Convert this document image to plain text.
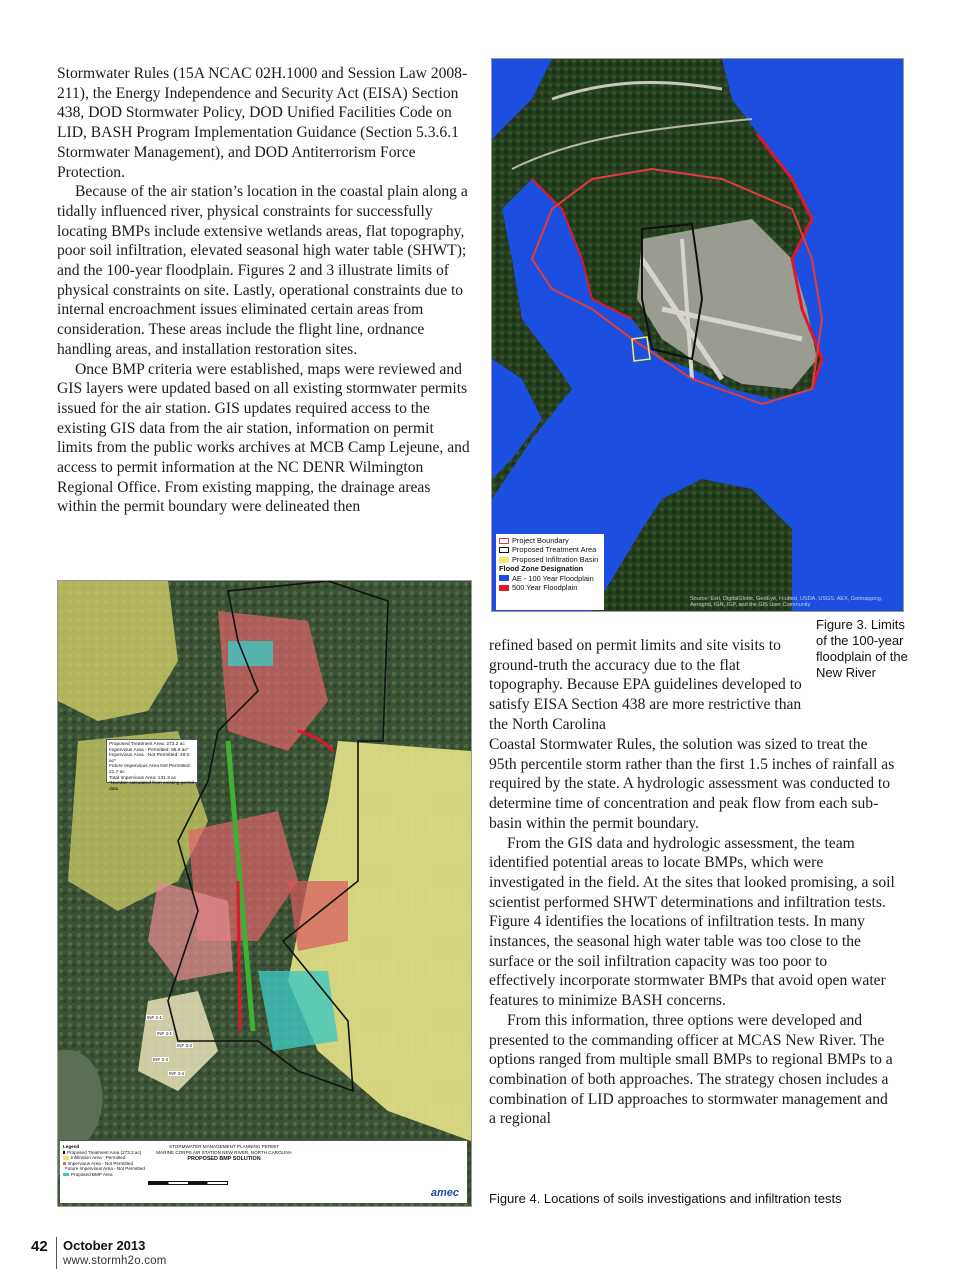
Stormwater Rules (15A NCAC 02H.1000 and Session Law 2008-211), the Energy Independence and Security Act (EISA) Section 438, DOD Stormwater Policy, DOD Unified Facilities Code on LID, BASH Program Implementation Guidance (Section 5.3.6.1 Stormwater Management), and DOD Antiterrorism Force Protection.

Because of the air station’s location in the coastal plain along a tidally influenced river, physical constraints for successfully locating BMPs include extensive wetlands areas, flat topography, poor soil infiltration, elevated seasonal high water table (SHWT); and the 100-year floodplain. Figures 2 and 3 illustrate limits of physical constraints on site. Lastly, operational constraints due to internal encroachment issues eliminated certain areas from consideration. These areas include the flight line, ordnance handling areas, and installation restoration sites.

Once BMP criteria were established, maps were reviewed and GIS layers were updated based on all existing stormwater permits issued for the air station. GIS updates required access to the existing GIS data from the air station, information on permit limits from the public works archives at MCB Camp Lejeune, and access to permit information at the NC DENR Wilmington Regional Office. From existing mapping, the drainage areas within the permit boundary were delineated then

Project Boundary
Proposed Treatment Area
Proposed Infiltration Basin
Flood Zone Designation
AE - 100 Year Floodplain
500 Year Floodplain
Source: Esri, DigitalGlobe, GeoEye, i-cubed, USDA, USGS, AEX, Getmapping, Aerogrid, IGN, IGP, and the GIS User Community
Figure 3. Limits of the 100-year floodplain of the New River

refined based on permit limits and site visits to ground-truth the accuracy due to the flat topography. Because EPA guidelines developed to satisfy EISA Section 438 are more restrictive than the North Carolina

Coastal Stormwater Rules, the solution was sized to treat the 95th percentile storm rather than the first 1.5 inches of rainfall as required by the state. A hydrologic assessment was conducted to determine time of concentration and peak flow from each sub-basin within the permit boundary.

From the GIS data and hydrologic assessment, the team identified potential areas to locate BMPs, which were investigated in the field. At the sites that looked promising, a soil scientist performed SHWT determinations and infiltration tests. Figure 4 identifies the locations of infiltration tests. In many instances, the seasonal high water table was too close to the surface or the soil infiltration capacity was too poor to effectively incorporate stormwater BMPs that avoid open water features to minimize BASH concerns.

From this information, three options were developed and presented to the commanding officer at MCAS New River. The options ranged from multiple small BMPs to regional BMPs to a combination of both approaches. The strategy chosen includes a combination of LID approaches to stormwater management and a regional

INF 2-1
INF 3-1
INF 3-2
INF 3-3
INF 3-4
Proposed Treatment Area: 273.2 ac
Impervious Area - Permitted: 85.8 ac*
Impervious Area - Not Permitted: 48.0 ac*
Future Impervious Area Not Permitted: 21.7 ac
Total Impervious Area: 131.3 ac
*Number calculated from existing permit data
Legend
Proposed Treatment Area (273.2 ac)
Infiltration Area - Permitted
Impervious Area - Not Permitted
Future Impervious Area - Not Permitted
Proposed BMP Area
STORMWATER MANAGEMENT PLANNING PERMIT
MARINE CORPS AIR STATION NEW RIVER, NORTH CAROLINA
PROPOSED BMP SOLUTION
amec Figure 4. Locations of soils investigations and infiltration tests
42 October 2013
www.stormh2o.com
